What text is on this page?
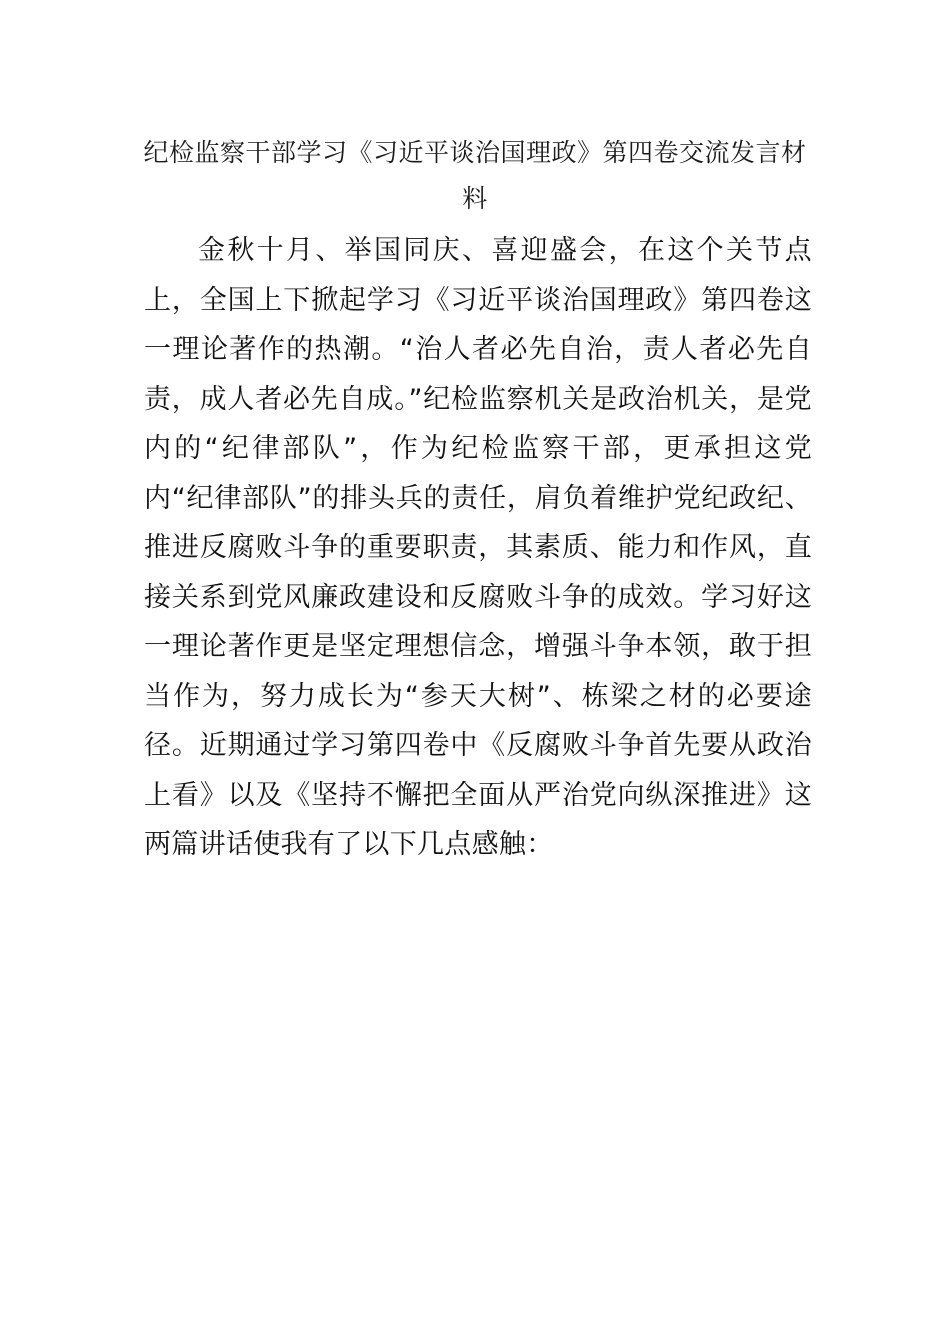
纪检监察干部学习《习近平谈治国理政》第四卷交流发言材料

金秋十月、举国同庆、喜迎盛会，在这个关节点上，全国上下掀起学习《习近平谈治国理政》第四卷这一理论著作的热潮。“治人者必先自治，责人者必先自责，成人者必先自成。”纪检监察机关是政治机关，是党内的“纪律部队”，作为纪检监察干部，更承担这党内“纪律部队”的排头兵的责任，肩负着维护党纪政纪、推进反腐败斗争的重要职责，其素质、能力和作风，直接关系到党风廉政建设和反腐败斗争的成效。学习好这一理论著作更是坚定理想信念，增强斗争本领，敢于担当作为，努力成长为“参天大树”、栋梁之材的必要途径。近期通过学习第四卷中《反腐败斗争首先要从政治上看》以及《坚持不懈把全面从严治党向纵深推进》这两篇讲话使我有了以下几点感触：
